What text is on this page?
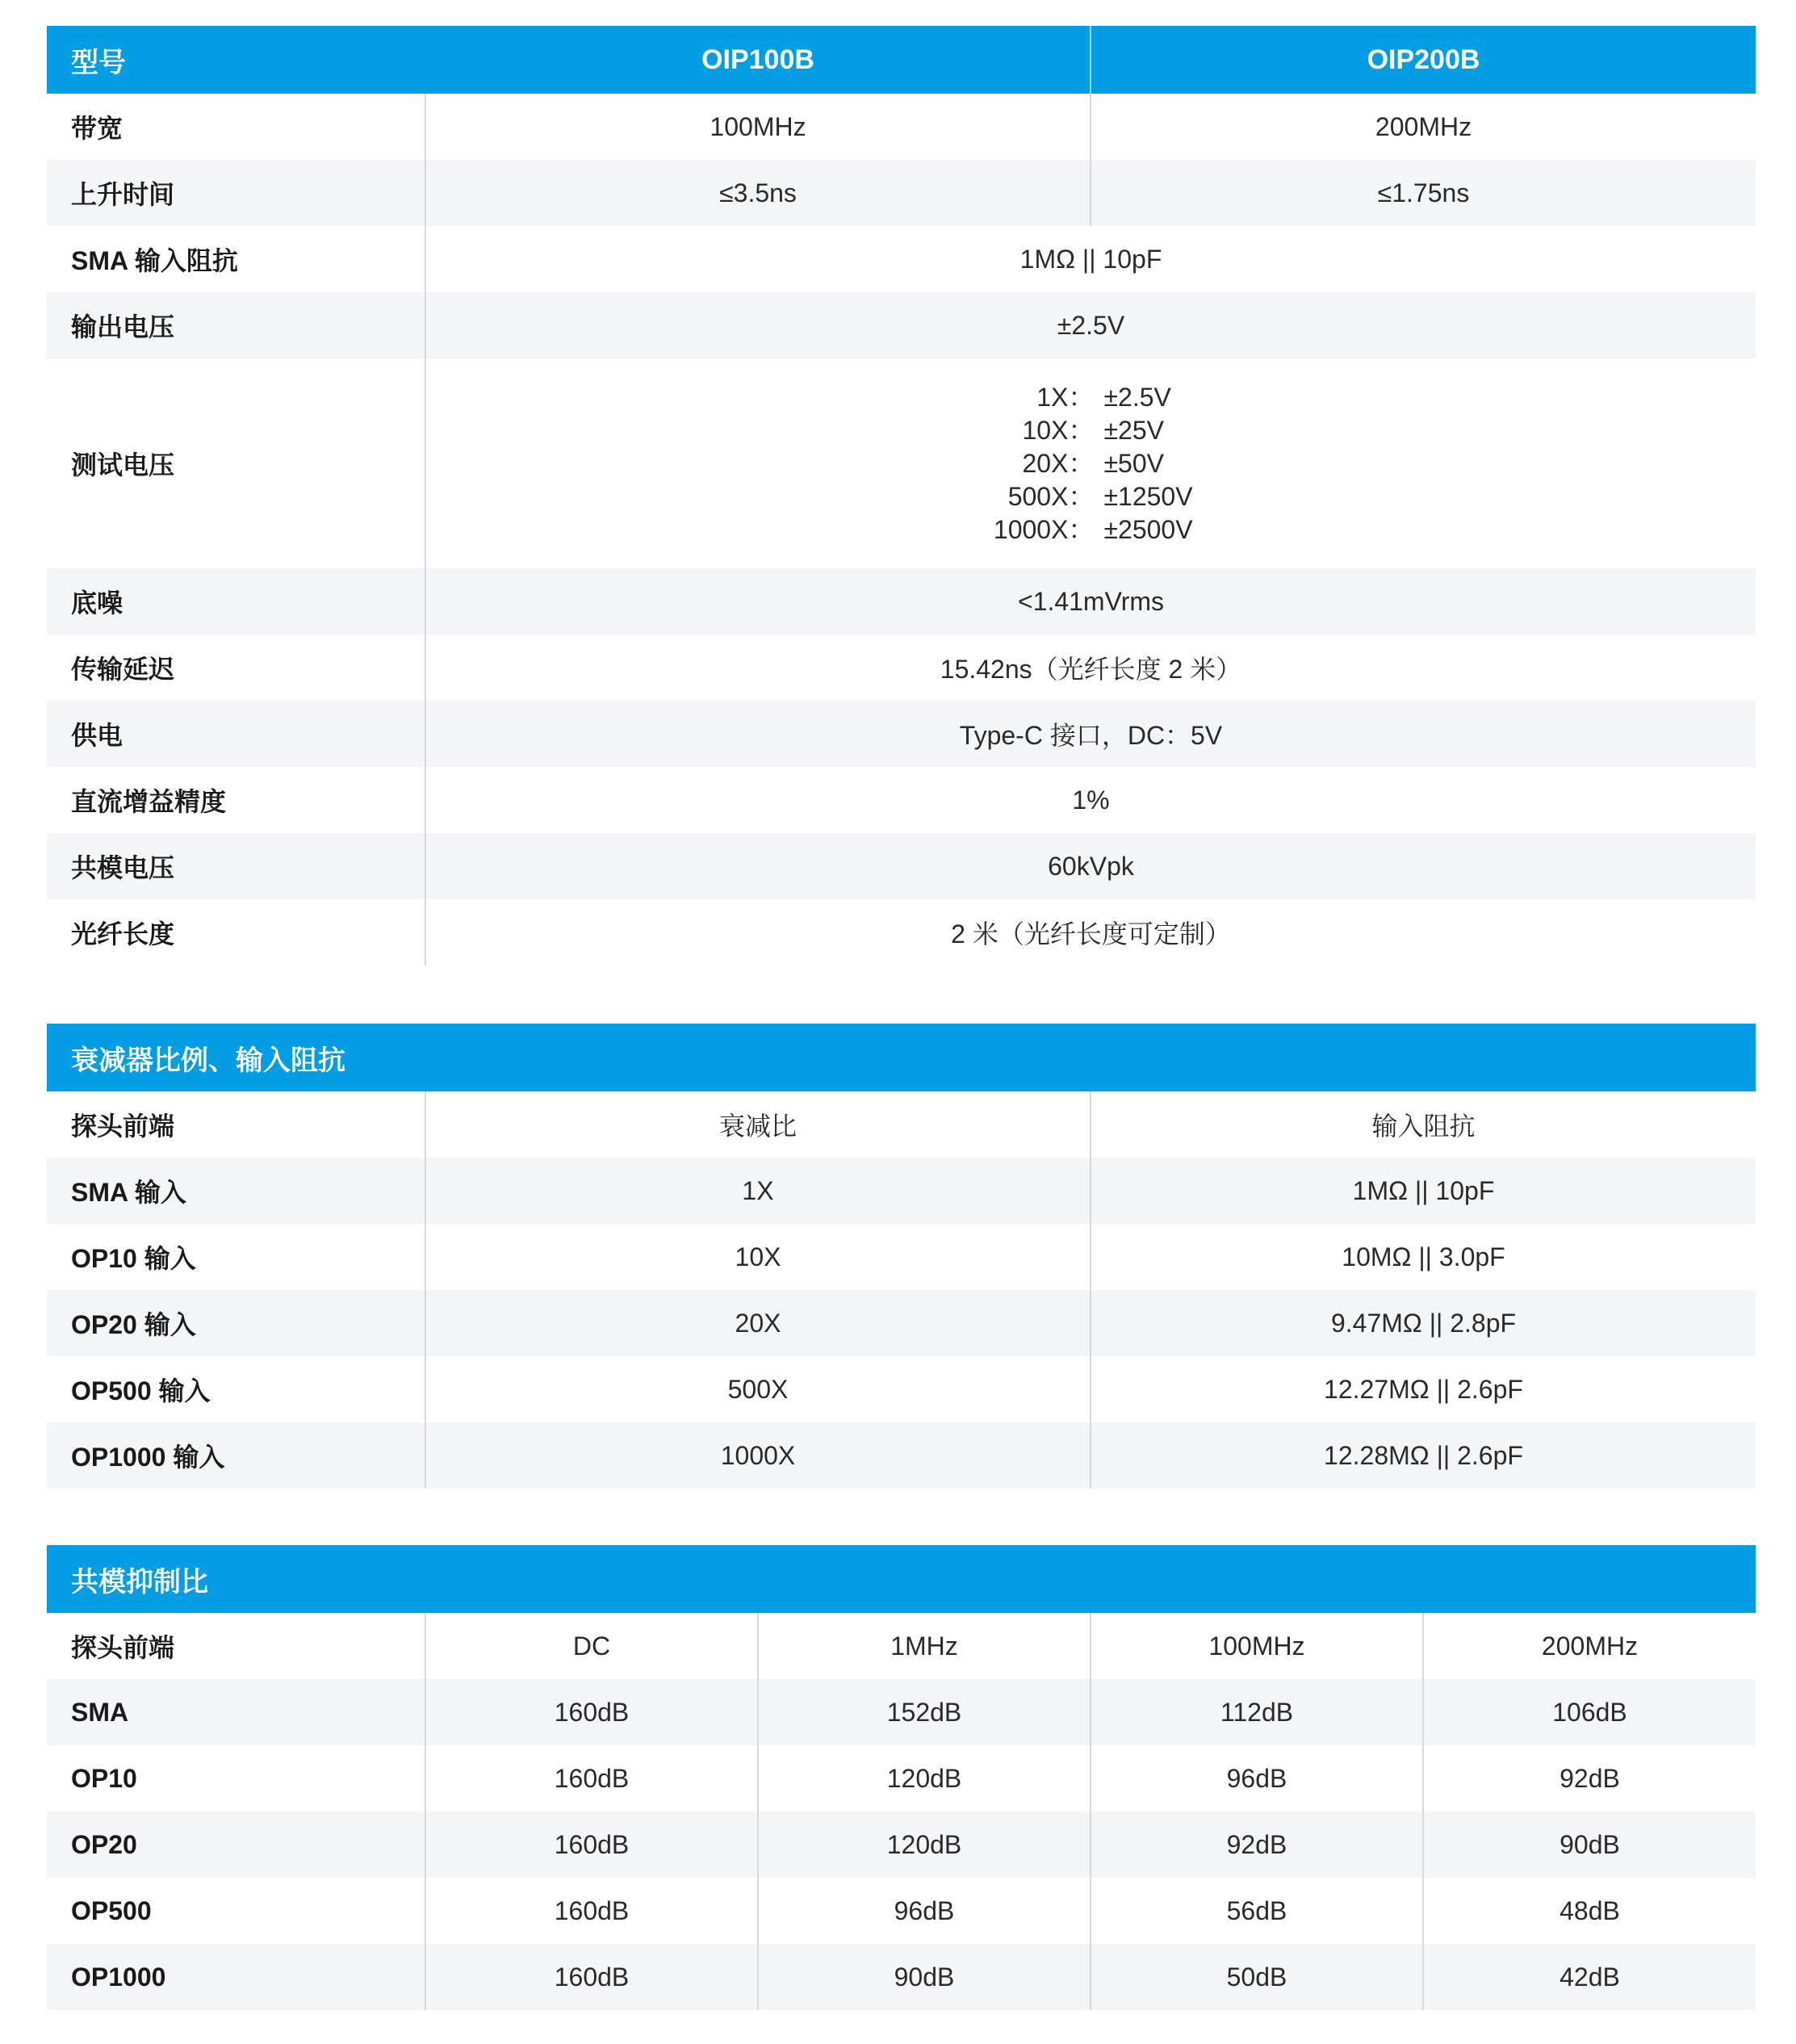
型号	OIP100B	OIP200B
带宽	100MHz	200MHz
上升时间	≤3.5ns	≤1.75ns
SMA 输入阻抗	1MΩ || 10pF
输出电压	±2.5V
测试电压
1X： ±2.5V
10X： ±25V
20X： ±50V
500X： ±1250V
1000X： ±2500V
底噪	<1.41mVrms
传输延迟	15.42ns（光纤长度 2 米）
供电	Type-C 接口，DC：5V
直流增益精度	1%
共模电压	60kVpk
光纤长度	2 米（光纤长度可定制）
衰减器比例、输入阻抗
探头前端	衰减比	输入阻抗
SMA 输入	1X	1MΩ || 10pF
OP10 输入	10X	10MΩ || 3.0pF
OP20 输入	20X	9.47MΩ || 2.8pF
OP500 输入	500X	12.27MΩ || 2.6pF
OP1000 输入	1000X	12.28MΩ || 2.6pF
共模抑制比
探头前端	DC	1MHz	100MHz	200MHz
SMA	160dB	152dB	112dB	106dB
OP10	160dB	120dB	96dB	92dB
OP20	160dB	120dB	92dB	90dB
OP500	160dB	96dB	56dB	48dB
OP1000	160dB	90dB	50dB	42dB
